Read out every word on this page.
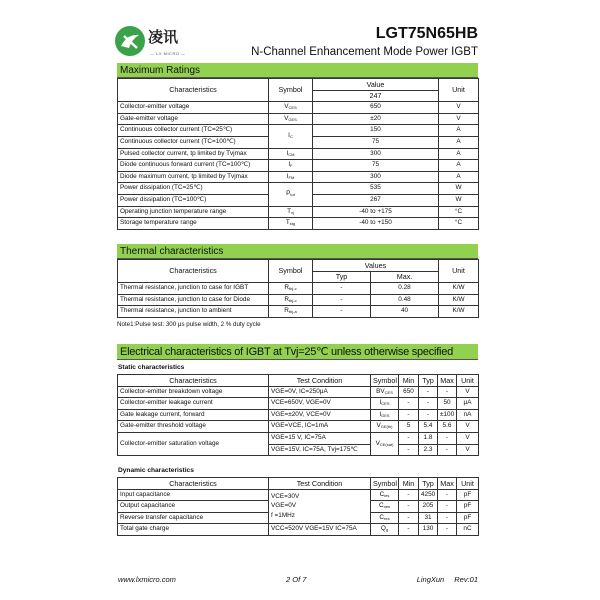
凌讯
— LX MICRO —
LGT75N65HB
N-Channel Enhancement Mode Power IGBT
Maximum Ratings
Characteristics	Symbol	Value	Unit
		247	
Collector-emitter voltage	$V_{CES}$	650	V
Gate-emitter voltage	$V_{GES}$	±20	V
Continuous collector current (TC=25℃)	$I_C$	150	A
Continuous collector current (TC=100℃)		75	A
Pulsed collector current, tp limited by Tvjmax	$I_{CM}$	300	A
Diode continuous forward current (TC=100℃)	$I_F$	75	A
Diode maximum current, tp limited by Tvjmax	$I_{FM}$	300	A
Power dissipation (TC=25℃)	$P_{tot}$	535	W
Power dissipation (TC=100℃)		267	W
Operating junction temperature range	$T_{vj}$	-40 to +175	°C
Storage temperature range	$T_{stg}$	-40 to +150	°C
Thermal characteristics
Characteristics	Symbol	Values		Unit
		Typ	Max.	
Thermal resistance, junction to case for IGBT	$R_{thj-c}$	-	0.28	K/W
Thermal resistance, junction to case for Diode	$R_{thj-c}$	-	0.48	K/W
Thermal resistance, junction to ambient	$R_{thj-a}$	-	40	K/W
Note1:Pulse test: 300 μs pulse width, 2 % duty cycle
Electrical characteristics of IGBT at Tvj=25℃ unless otherwise specified
Static characteristics
Characteristics	Test Condition	Symbol	Min	Typ	Max	Unit
Collector-emitter breakdown voltage	VGE=0V, IC=250μA	$BV_{CES}$	650	-	-	V
Collector-emitter leakage current	VCE=650V, VGE=0V	$I_{CES}$	-	-	50	μA
Gate leakage current, forward	VGE=±20V, VCE=0V	$I_{GES}$	-	-	±100	nA
Gate-emitter threshold voltage	VGE=VCE, IC=1mA	$V_{GE(th)}$	5	5.4	5.6	V
Collector-emitter saturation voltage	VGE=15 V, IC=75A	$V_{CE(sat)}$	-	1.8	-	V
	VGE=15V, IC=75A, Tvj=175℃		-	2.3	-	V
Dynamic characteristics
Characteristics	Test Condition	Symbol	Min	Typ	Max	Unit
Input capacitance	VCE=30V
VGE=0V
f =1MHz	$C_{ies}$	-	4250	-	pF
Output capacitance		$C_{oes}$	-	205	-	pF
Reverse transfer capacitance		$C_{res}$	-	31	-	pF
Total gate charge	VCC=520V VGE=15V IC=75A	$Q_g$	-	130	-	nC
www.lxmicro.com	2 Of 7	LingXun Rev:01
